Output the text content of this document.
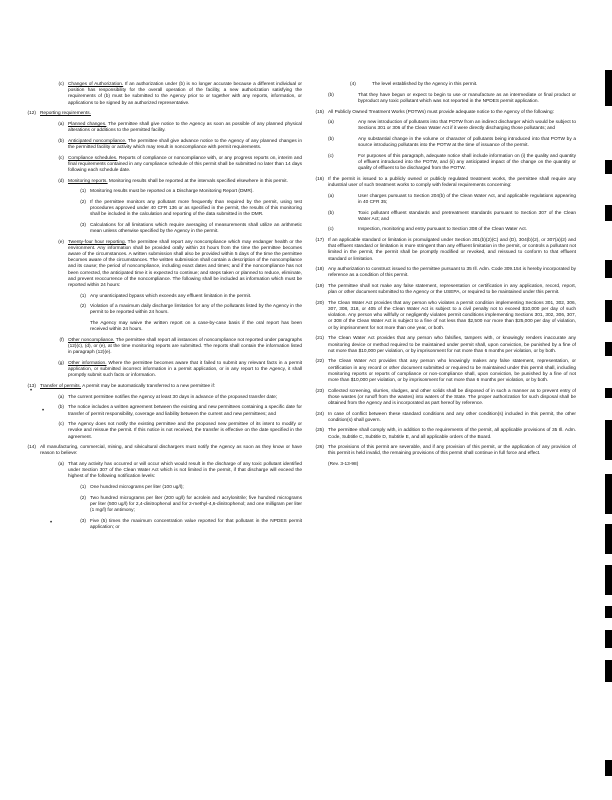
(c) Changes of Authorization. If an authorization under (b) is no longer accurate because a different individual or position has responsibility for the overall operation of the facility, a new authorization satisfying the requirements of (b) must be submitted to the Agency prior to or together with any reports, information, or applications to be signed by an authorized representative.
(12) Reporting requirements.
(a) Planned changes. The permittee shall give notice to the Agency as soon as possible of any planned physical alterations or additions to the permitted facility.
(b) Anticipated noncompliance. The permittee shall give advance notice to the Agency of any planned changes in the permitted facility or activity which may result in noncompliance with permit requirements.
(c) Compliance schedules. Reports of compliance or noncompliance with, or any progress reports on, interim and final requirements contained in any compliance schedule of this permit shall be submitted no later than 14 days following each schedule date.
(d) Monitoring reports. Monitoring results shall be reported at the intervals specified elsewhere in this permit.
(1) Monitoring results must be reported on a Discharge Monitoring Report (DMR).
(2) If the permittee monitors any pollutant more frequently than required by the permit, using test procedures approved under 40 CFR 136 or as specified in the permit, the results of this monitoring shall be included in the calculation and reporting of the data submitted in the DMR.
(3) Calculations for all limitations which require averaging of measurements shall utilize an arithmetic mean unless otherwise specified by the Agency in the permit.
(e) Twenty-four hour reporting. The permittee shall report any noncompliance which may endanger health or the environment. Any information shall be provided orally within 24 hours from the time the permittee becomes aware of the circumstances. A written submission shall also be provided within 5 days of the time the permittee becomes aware of the circumstances. The written submission shall contain a description of the noncompliance and its cause; the period of noncompliance, including exact dates and times; and if the noncompliance has not been corrected, the anticipated time it is expected to continue; and steps taken or planned to reduce, eliminate, and prevent reoccurrence of the noncompliance. The following shall be included as information which must be reported within 24 hours:
(1) Any unanticipated bypass which exceeds any effluent limitation in the permit.
(2) Violation of a maximum daily discharge limitation for any of the pollutants listed by the Agency in the permit to be reported within 24 hours.
The Agency may waive the written report on a case-by-case basis if the oral report has been received within 24 hours.
(f) Other noncompliance. The permittee shall report all instances of noncompliance not reported under paragraphs (12)(c), (d), or (e), at the time monitoring reports are submitted. The reports shall contain the information listed in paragraph (12)(e).
(g) Other information. Where the permittee becomes aware that it failed to submit any relevant facts in a permit application, or submitted incorrect information in a permit application, or in any report to the Agency, it shall promptly submit such facts or information.
(13) Transfer of permits. A permit may be automatically transferred to a new permittee if:
(a) The current permittee notifies the Agency at least 30 days in advance of the proposed transfer date;
(b) The notice includes a written agreement between the existing and new permittees containing a specific date for transfer of permit responsibility, coverage and liability between the current and new permittees; and
(c) The Agency does not notify the existing permittee and the proposed new permittee of its intent to modify or revoke and reissue the permit. If this notice is not received, the transfer is effective on the date specified in the agreement.
(14) All manufacturing, commercial, mining, and silvicultural dischargers must notify the Agency as soon as they know or have reason to believe:
(a) That any activity has occurred or will occur which would result in the discharge of any toxic pollutant identified under Section 307 of the Clean Water Act which is not limited in the permit, if that discharge will exceed the highest of the following notification levels:
(1) One hundred micrograms per liter (100 ug/l);
(2) Two hundred micrograms per liter (200 ug/l) for acrolein and acrylonitrile; five hundred micrograms per liter (500 ug/l) for 2,4-dinitrophenol and for 2-methyl-4,6-dinitrophenol; and one milligram per liter (1 mg/l) for antimony;
(3) Five (5) times the maximum concentration value reported for that pollutant in the NPDES permit application; or
(4)	The level established by the Agency in this permit.
(b)	That they have begun or expect to begin to use or manufacture as an intermediate or final product or byproduct any toxic pollutant which was not reported in the NPDES permit application.
(15) All Publicly Owned Treatment Works (POTWs) must provide adequate notice to the Agency of the following:
(a)	Any new introduction of pollutants into that POTW from an indirect discharger which would be subject to Sections 301 or 306 of the Clean Water Act if it were directly discharging those pollutants; and
(b)	Any substantial change in the volume or character of pollutants being introduced into that POTW by a source introducing pollutants into the POTW at the time of issuance of the permit.
(c)	For purposes of this paragraph, adequate notice shall include information on (i) the quality and quantity of effluent introduced into the POTW, and (ii) any anticipated impact of the change on the quantity or quality of effluent to be discharged from the POTW.
(16) If the permit is issued to a publicly owned or publicly regulated treatment works, the permittee shall require any industrial user of such treatment works to comply with federal requirements concerning:
(a)	User charges pursuant to Section 204(b) of the Clean Water Act, and applicable regulations appearing in 40 CFR 35;
(b)	Toxic pollutant effluent standards and pretreatment standards pursuant to Section 307 of the Clean Water Act; and
(c)	Inspection, monitoring and entry pursuant to Section 308 of the Clean Water Act.
(17) If an applicable standard or limitation is promulgated under Section 301(b)(2)(C) and (D), 304(b)(2), or 307(a)(2) and that effluent standard or limitation is more stringent than any effluent limitation in the permit, or controls a pollutant not limited in the permit, the permit shall be promptly modified or revoked, and reissued to conform to that effluent standard or limitation.
(18) Any authorization to construct issued to the permittee pursuant to 35 Ill. Adm. Code 309.154 is hereby incorporated by reference as a condition of this permit.
(19) The permittee shall not make any false statement, representation or certification in any application, record, report, plan or other document submitted to the Agency or the USEPA, or required to be maintained under this permit.
(20) The Clean Water Act provides that any person who violates a permit condition implementing Sections 301, 302, 306, 307, 308, 318, or 405 of the Clean Water Act is subject to a civil penalty not to exceed $10,000 per day of such violation. Any person who willfully or negligently violates permit conditions implementing Sections 301, 302, 306, 307, or 308 of the Clean Water Act is subject to a fine of not less than $2,500 nor more than $25,000 per day of violation, or by imprisonment for not more than one year, or both.
(21) The Clean Water Act provides that any person who falsifies, tampers with, or knowingly renders inaccurate any monitoring device or method required to be maintained under permit shall, upon conviction, be punished by a fine of not more than $10,000 per violation, or by imprisonment for not more than 6 months per violation, or by both.
(22) The Clean Water Act provides that any person who knowingly makes any false statement, representation, or certification in any record or other document submitted or required to be maintained under this permit shall, including monitoring reports or reports of compliance or non-compliance shall, upon conviction, be punished by a fine of not more than $10,000 per violation, or by imprisonment for not more than 6 months per violation, or by both.
(23) Collected screening, slurries, sludges, and other solids shall be disposed of in such a manner as to prevent entry of those wastes (or runoff from the wastes) into waters of the State. The proper authorization for such disposal shall be obtained from the Agency and is incorporated as part hereof by reference.
(24) In case of conflict between these standard conditions and any other condition(s) included in this permit, the other condition(s) shall govern.
(25) The permittee shall comply with, in addition to the requirements of the permit, all applicable provisions of 35 Ill. Adm. Code, Subtitle C, Subtitle D, Subtitle E, and all applicable orders of the Board.
(26) The provisions of this permit are severable, and if any provision of this permit, or the application of any provision of this permit is held invalid, the remaining provisions of this permit shall continue in full force and effect.
(Rev. 3-13-98)
•
•
•
